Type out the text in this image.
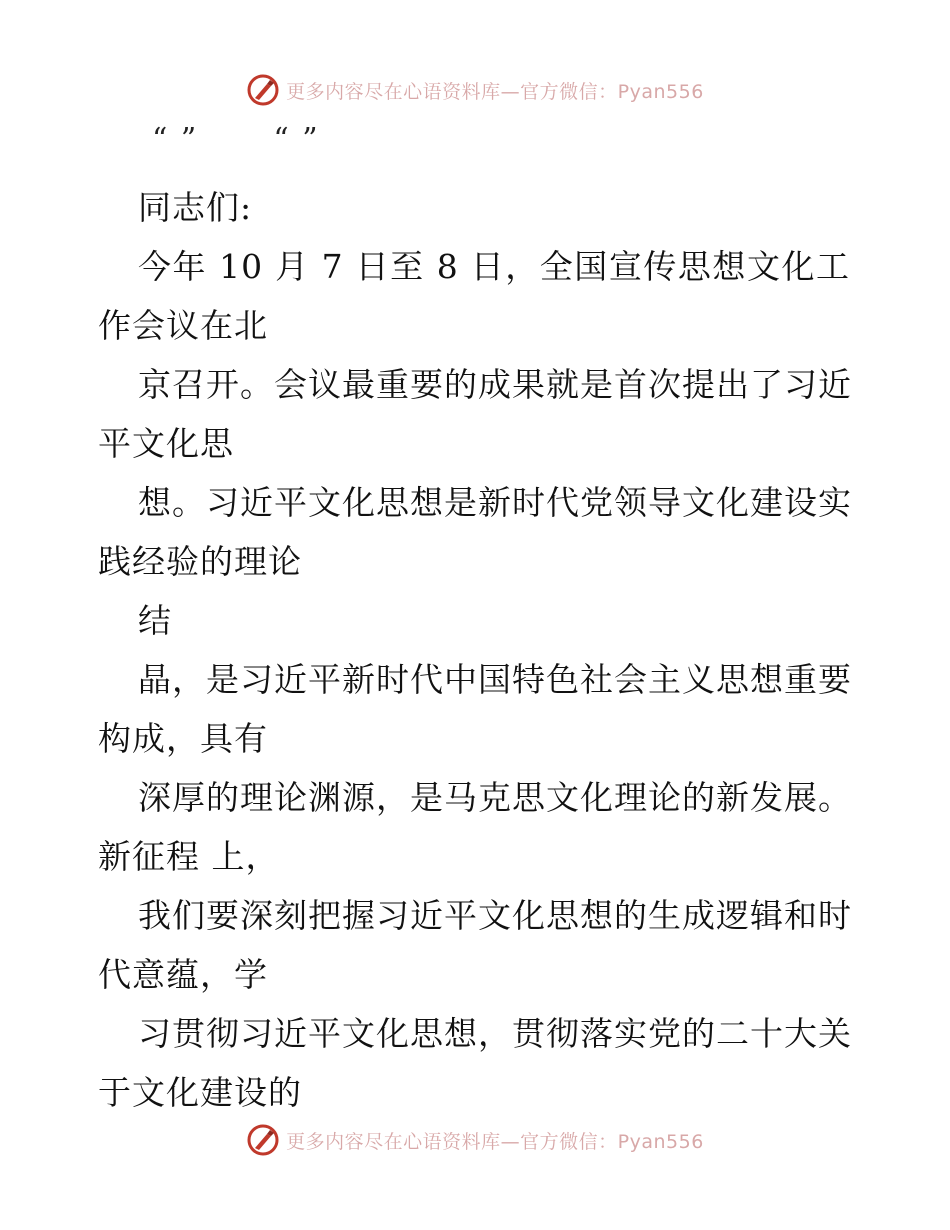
更多内容尽在心语资料库—官方微信：Pyan556
“ ”	“ ”
同志们:
今年 10 月 7 日至 8 日，全国宣传思想文化工
作会议在北
京召开。会议最重要的成果就是首次提出了习近
平文化思
想。习近平文化思想是新时代党领导文化建设实
践经验的理论
结
晶，是习近平新时代中国特色社会主义思想重要
构成，具有
深厚的理论渊源，是马克思文化理论的新发展。
新征程 上，
我们要深刻把握习近平文化思想的生成逻辑和时
代意蕴，学
习贯彻习近平文化思想，贯彻落实党的二十大关
于文化建设的
更多内容尽在心语资料库—官方微信：Pyan556
